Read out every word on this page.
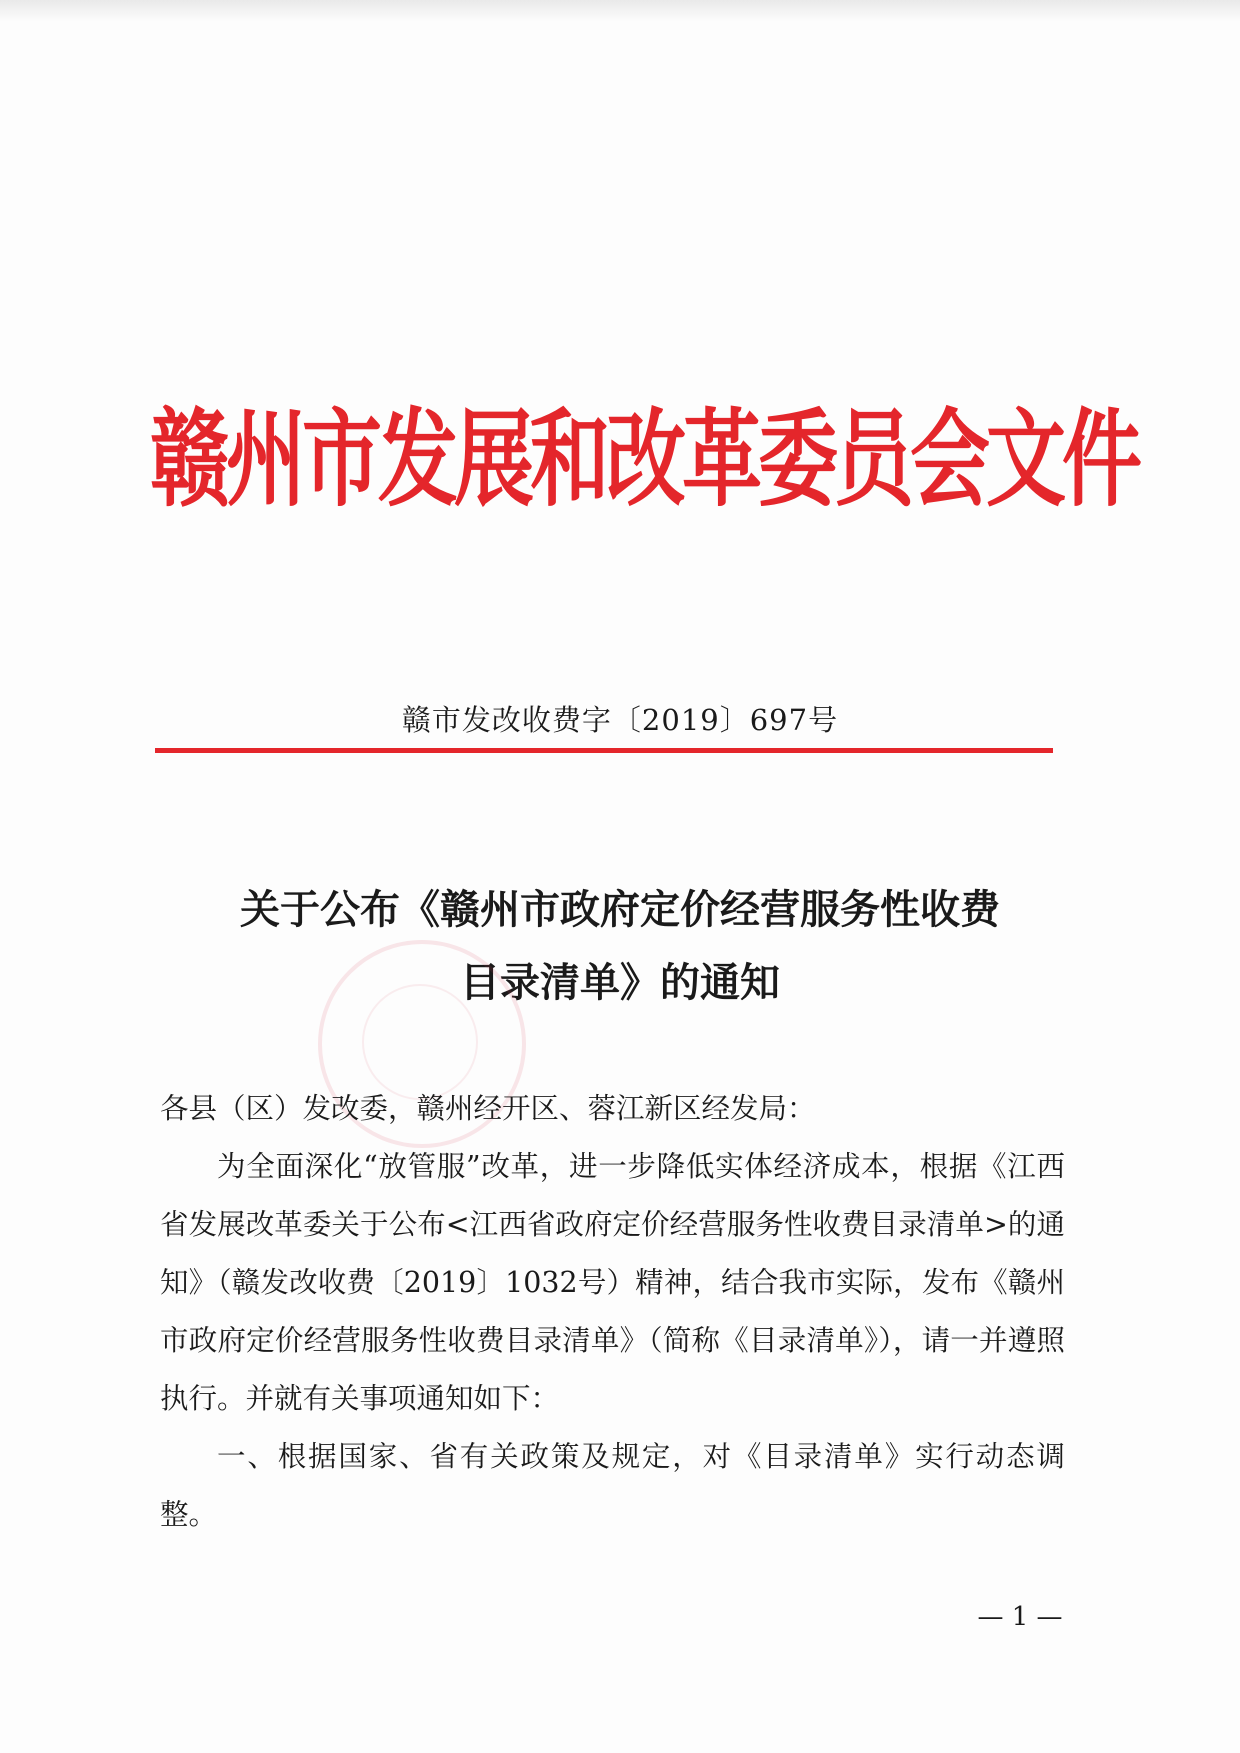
赣州市发展和改革委员会文件
赣市发改收费字〔2019〕697号
关于公布《赣州市政府定价经营服务性收费
目录清单》的通知
各县（区）发改委，赣州经开区、蓉江新区经发局：
为全面深化“放管服”改革，进一步降低实体经济成本，根据《江西省发展改革委关于公布<江西省政府定价经营服务性收费目录清单>的通知》（赣发改收费〔2019〕1032号）精神，结合我市实际，发布《赣州市政府定价经营服务性收费目录清单》（简称《目录清单》），请一并遵照执行。并就有关事项通知如下：
一、根据国家、省有关政策及规定，对《目录清单》实行动态调整。
— 1 —
